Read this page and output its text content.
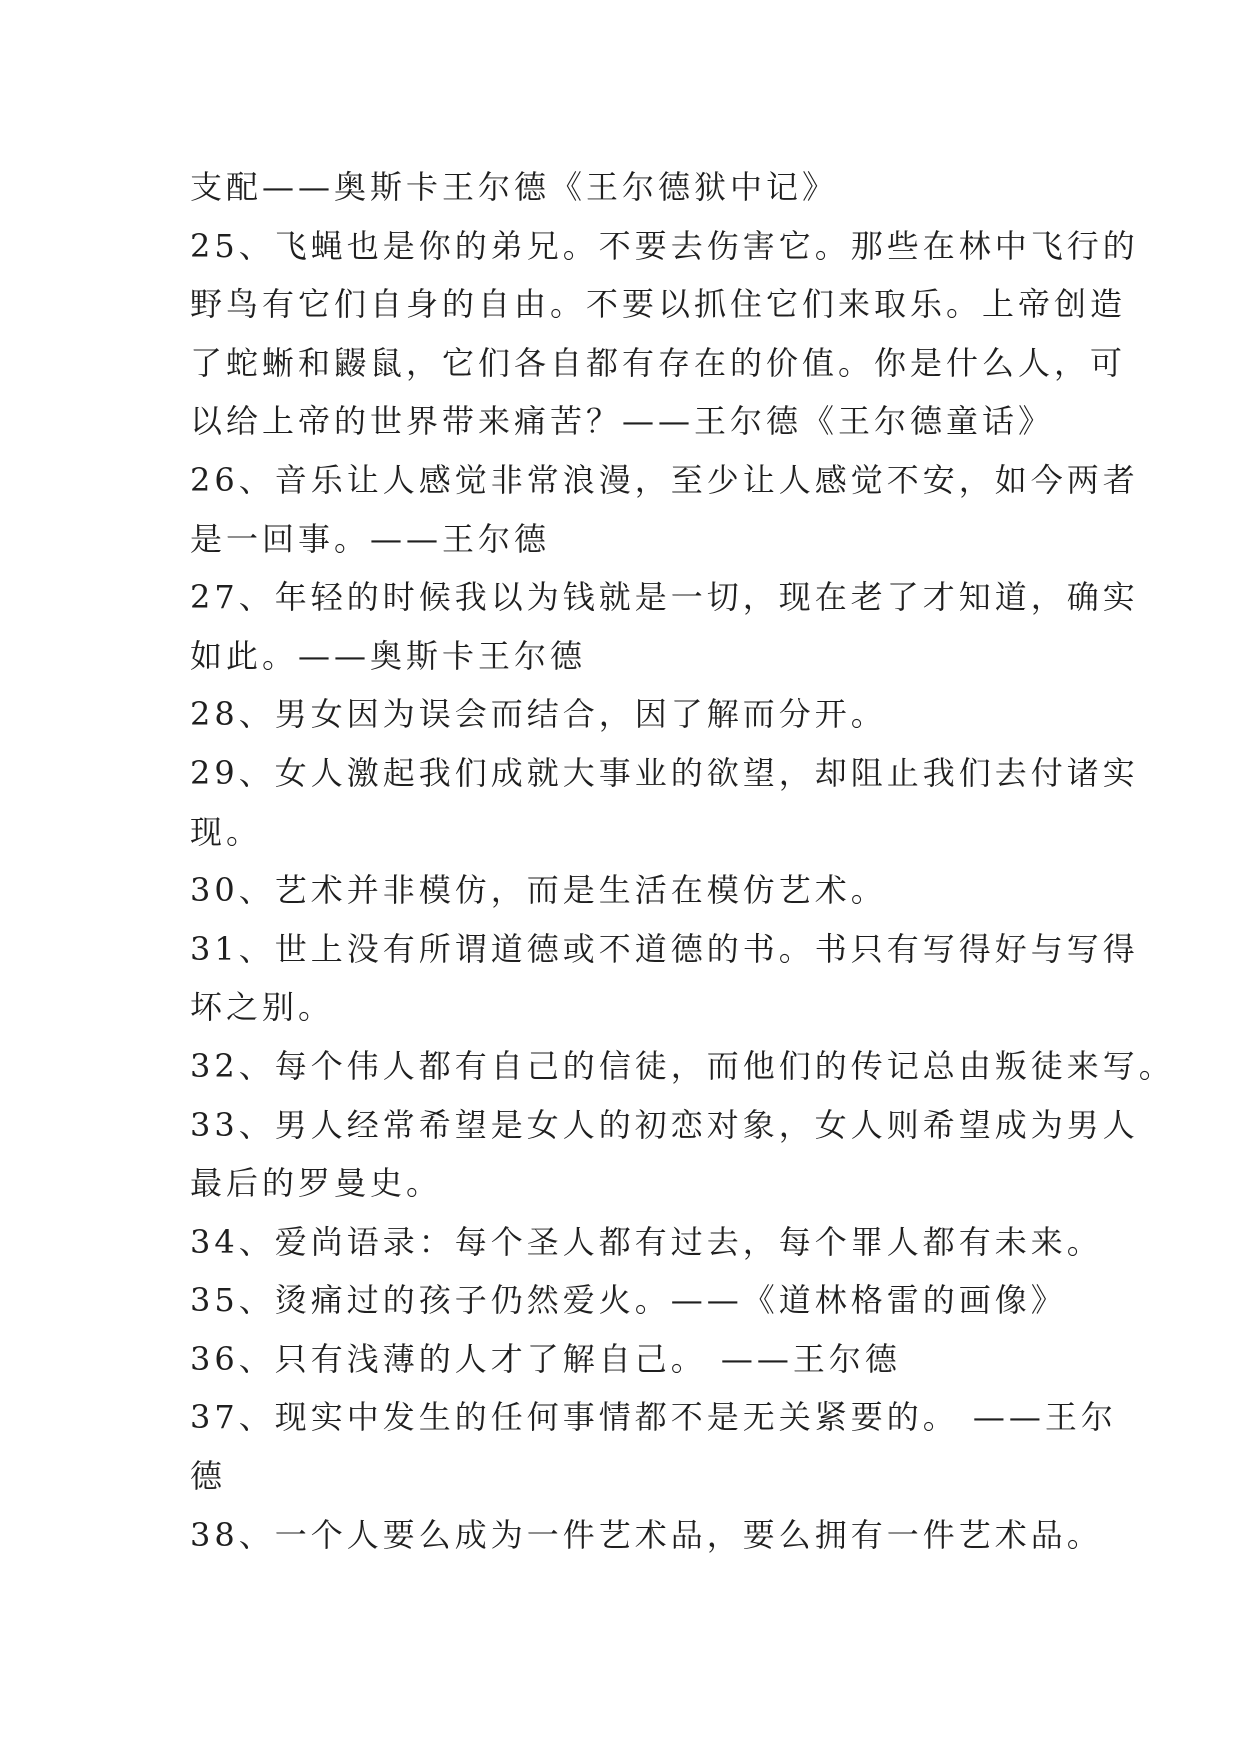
支配——奥斯卡王尔德《王尔德狱中记》
25、飞蝇也是你的弟兄。不要去伤害它。那些在林中飞行的
野鸟有它们自身的自由。不要以抓住它们来取乐。上帝创造
了蛇蜥和鼹鼠，它们各自都有存在的价值。你是什么人，可
以给上帝的世界带来痛苦？——王尔德《王尔德童话》
26、音乐让人感觉非常浪漫，至少让人感觉不安，如今两者
是一回事。——王尔德
27、年轻的时候我以为钱就是一切，现在老了才知道，确实
如此。——奥斯卡王尔德
28、男女因为误会而结合，因了解而分开。
29、女人激起我们成就大事业的欲望，却阻止我们去付诸实
现。
30、艺术并非模仿，而是生活在模仿艺术。
31、世上没有所谓道德或不道德的书。书只有写得好与写得
坏之别。
32、每个伟人都有自己的信徒，而他们的传记总由叛徒来写。
33、男人经常希望是女人的初恋对象，女人则希望成为男人
最后的罗曼史。
34、爱尚语录：每个圣人都有过去，每个罪人都有未来。
35、烫痛过的孩子仍然爱火。——《道林格雷的画像》
36、只有浅薄的人才了解自己。 ——王尔德
37、现实中发生的任何事情都不是无关紧要的。 ——王尔
德
38、一个人要么成为一件艺术品，要么拥有一件艺术品。
